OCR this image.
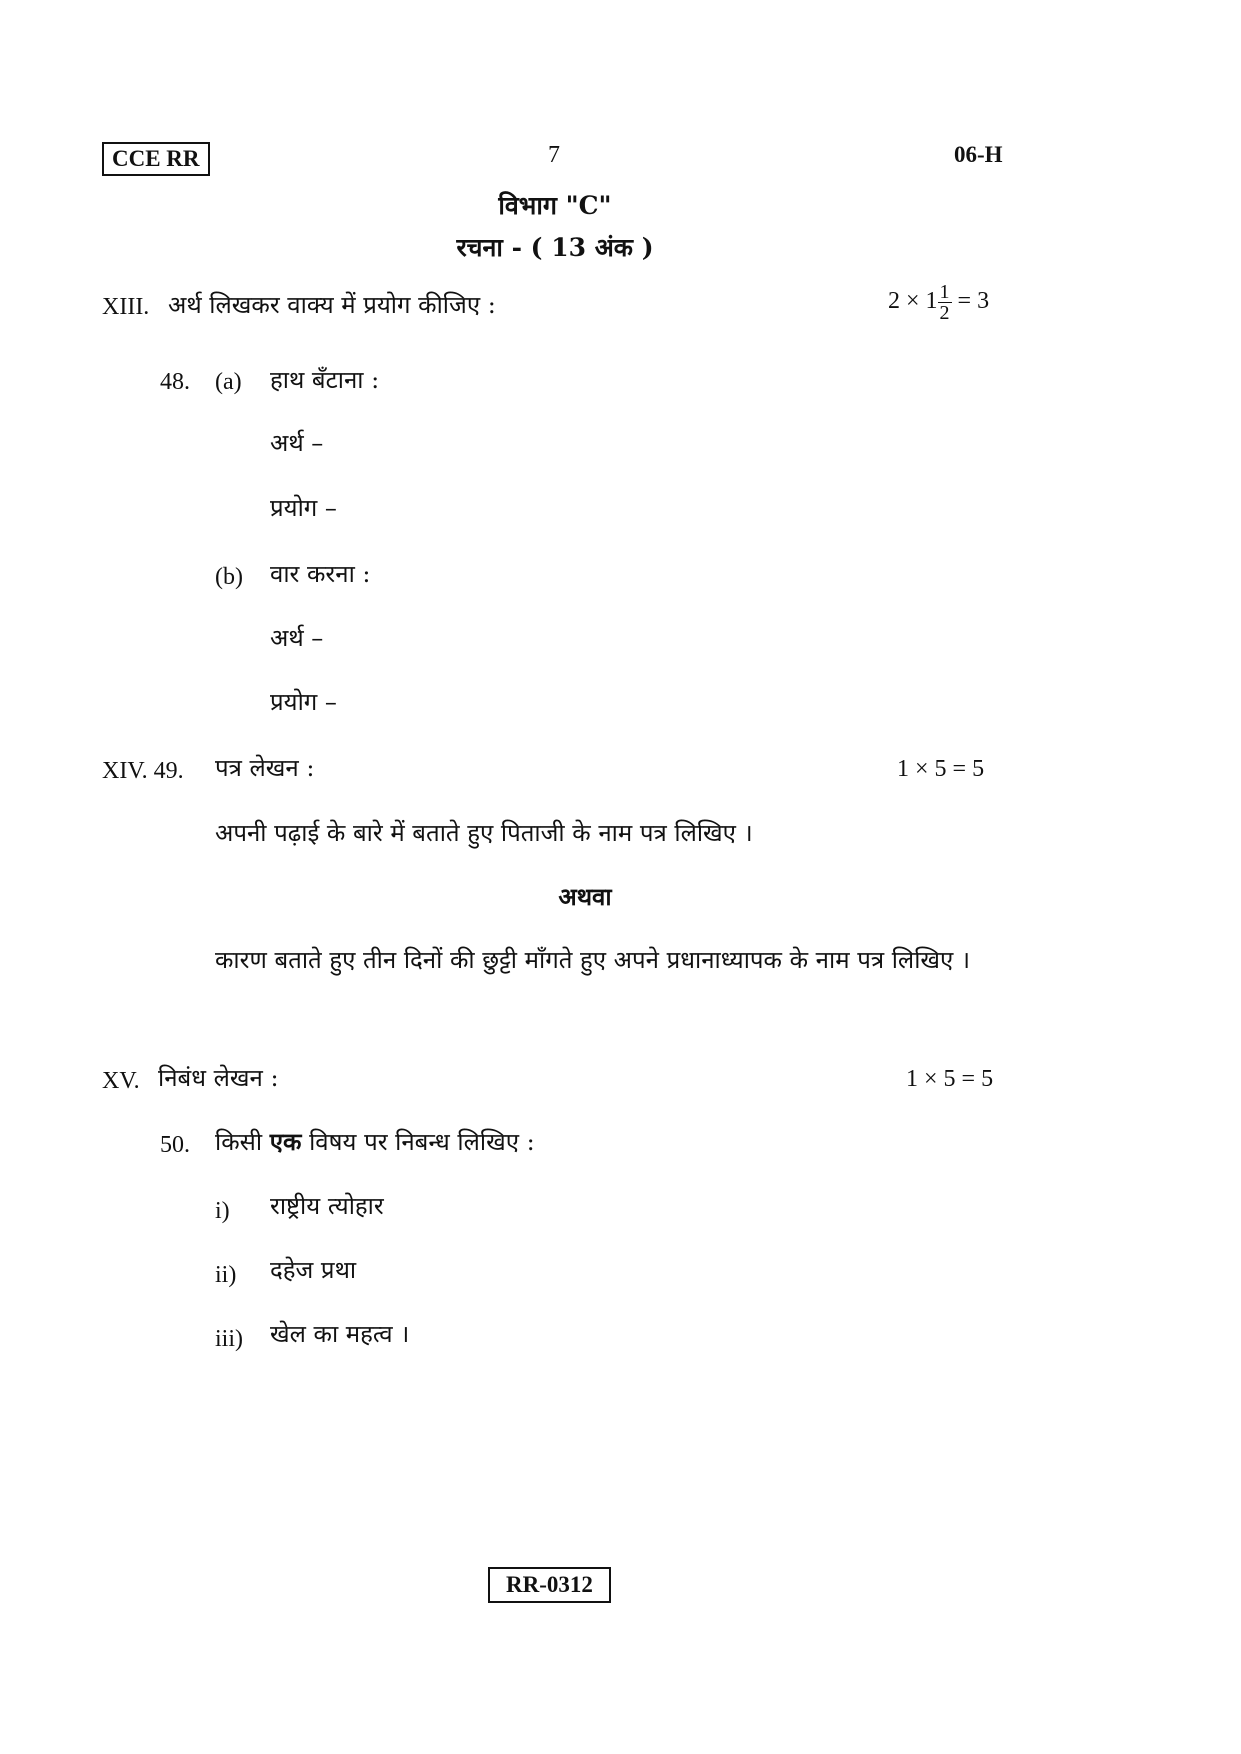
CCE RR	7	06-H
विभाग "C"
रचना - ( 13 अंक )
XIII. अर्थ लिखकर वाक्य में प्रयोग कीजिए :	$2 \times 1 \frac{1}{2} = 3$
48. (a) हाथ बँटाना :
अर्थ –
प्रयोग –
(b) वार करना :
अर्थ –
प्रयोग –
XIV. 49. पत्र लेखन :	1 × 5 = 5
अपनी पढ़ाई के बारे में बताते हुए पिताजी के नाम पत्र लिखिए ।
अथवा
कारण बताते हुए तीन दिनों की छुट्टी माँगते हुए अपने प्रधानाध्यापक के नाम पत्र लिखिए ।
XV. निबंध लेखन :	1 × 5 = 5
50. किसी एक विषय पर निबन्ध लिखिए :
i) राष्ट्रीय त्योहार
ii) दहेज प्रथा
iii) खेल का महत्व ।
RR-0312
